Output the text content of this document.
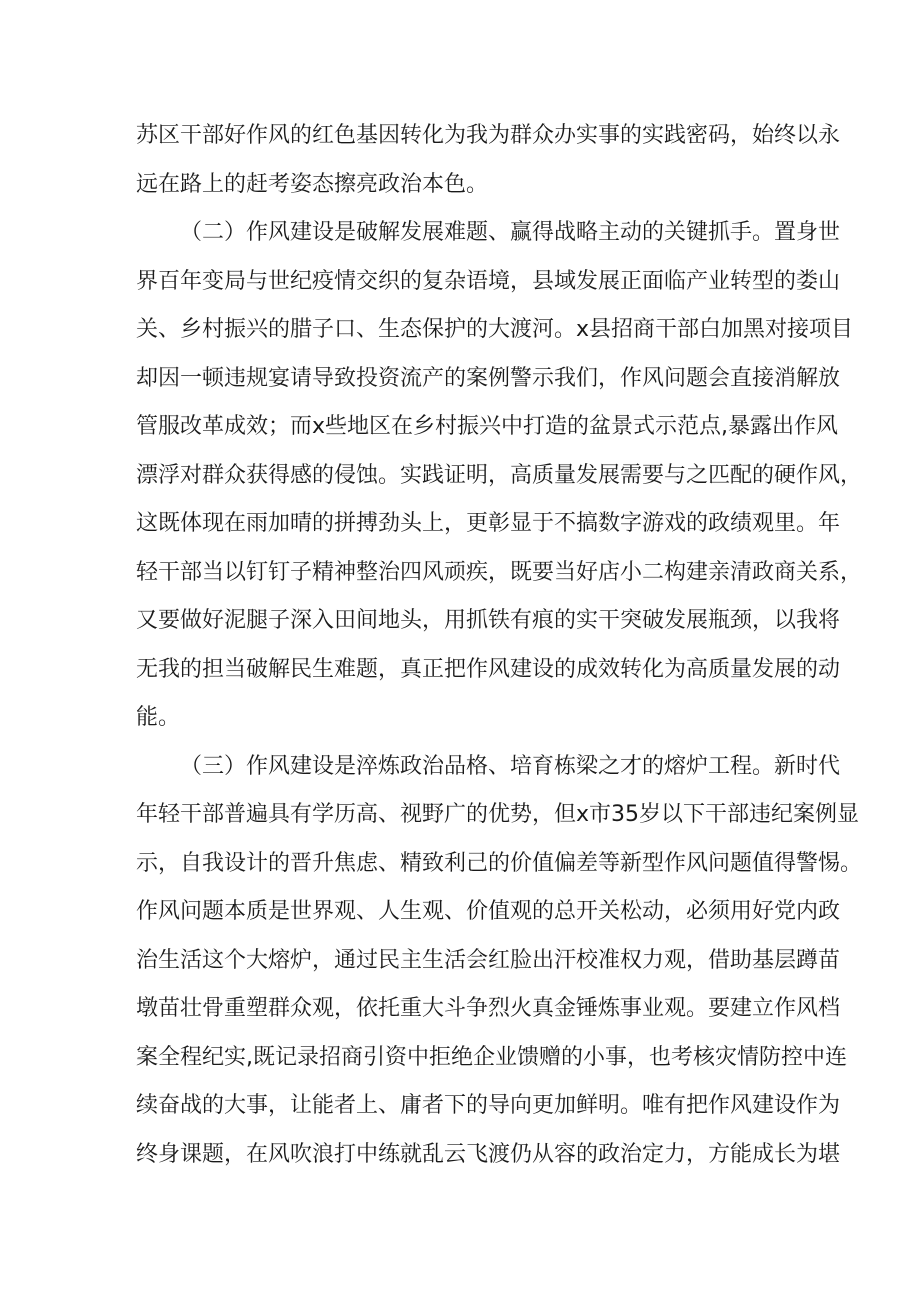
苏区干部好作风的红色基因转化为我为群众办实事的实践密码，始终以永
远在路上的赶考姿态擦亮政治本色。
（二）作风建设是破解发展难题、赢得战略主动的关键抓手。置身世
界百年变局与世纪疫情交织的复杂语境，县域发展正面临产业转型的娄山
关、乡村振兴的腊子口、生态保护的大渡河。x县招商干部白加黑对接项目
却因一顿违规宴请导致投资流产的案例警示我们，作风问题会直接消解放
管服改革成效；而x些地区在乡村振兴中打造的盆景式示范点,暴露出作风
漂浮对群众获得感的侵蚀。实践证明，高质量发展需要与之匹配的硬作风，
这既体现在雨加晴的拼搏劲头上，更彰显于不搞数字游戏的政绩观里。年
轻干部当以钉钉子精神整治四风顽疾，既要当好店小二构建亲清政商关系，
又要做好泥腿子深入田间地头，用抓铁有痕的实干突破发展瓶颈，以我将
无我的担当破解民生难题，真正把作风建设的成效转化为高质量发展的动
能。
（三）作风建设是淬炼政治品格、培育栋梁之才的熔炉工程。新时代
年轻干部普遍具有学历高、视野广的优势，但x市35岁以下干部违纪案例显
示，自我设计的晋升焦虑、精致利己的价值偏差等新型作风问题值得警惕。
作风问题本质是世界观、人生观、价值观的总开关松动，必须用好党内政
治生活这个大熔炉，通过民主生活会红脸出汗校准权力观，借助基层蹲苗
墩苗壮骨重塑群众观，依托重大斗争烈火真金锤炼事业观。要建立作风档
案全程纪实,既记录招商引资中拒绝企业馈赠的小事，也考核灾情防控中连
续奋战的大事，让能者上、庸者下的导向更加鲜明。唯有把作风建设作为
终身课题，在风吹浪打中练就乱云飞渡仍从容的政治定力，方能成长为堪
